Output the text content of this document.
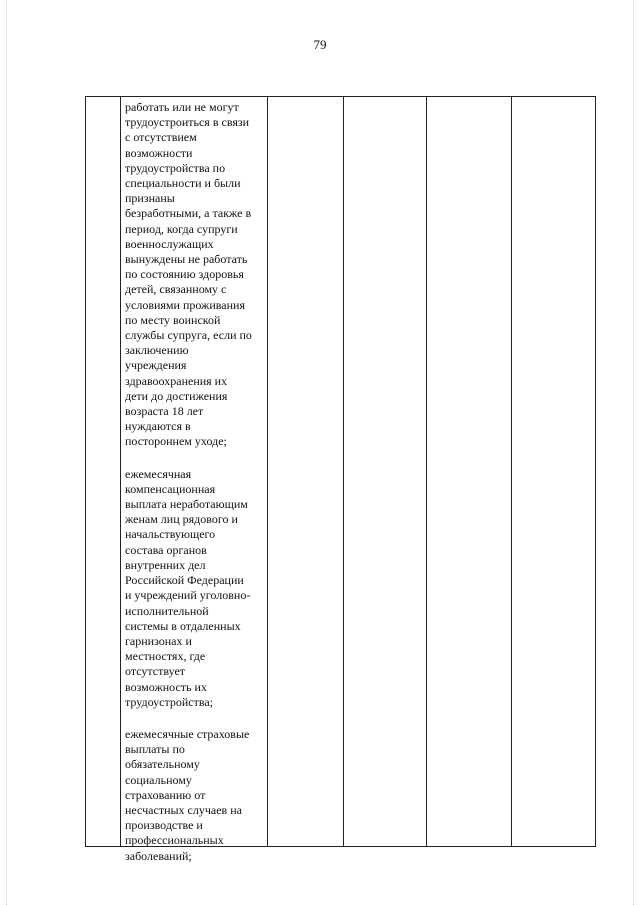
79

работать или не могут
трудоустроиться в связи
с отсутствием
возможности
трудоустройства по
специальности и были
признаны
безработными, а также в
период, когда супруги
военнослужащих
вынуждены не работать
по состоянию здоровья
детей, связанному с
условиями проживания
по месту воинской
службы супруга, если по
заключению
учреждения
здравоохранения их
дети до достижения
возраста 18 лет
нуждаются в
постороннем уходе;

ежемесячная
компенсационная
выплата неработающим
женам лиц рядового и
начальствующего
состава органов
внутренних дел
Российской Федерации
и учреждений уголовно-
исполнительной
системы в отдаленных
гарнизонах и
местностях, где
отсутствует
возможность их
трудоустройства;

ежемесячные страховые
выплаты по
обязательному
социальному
страхованию от
несчастных случаев на
производстве и
профессиональных
заболеваний;
